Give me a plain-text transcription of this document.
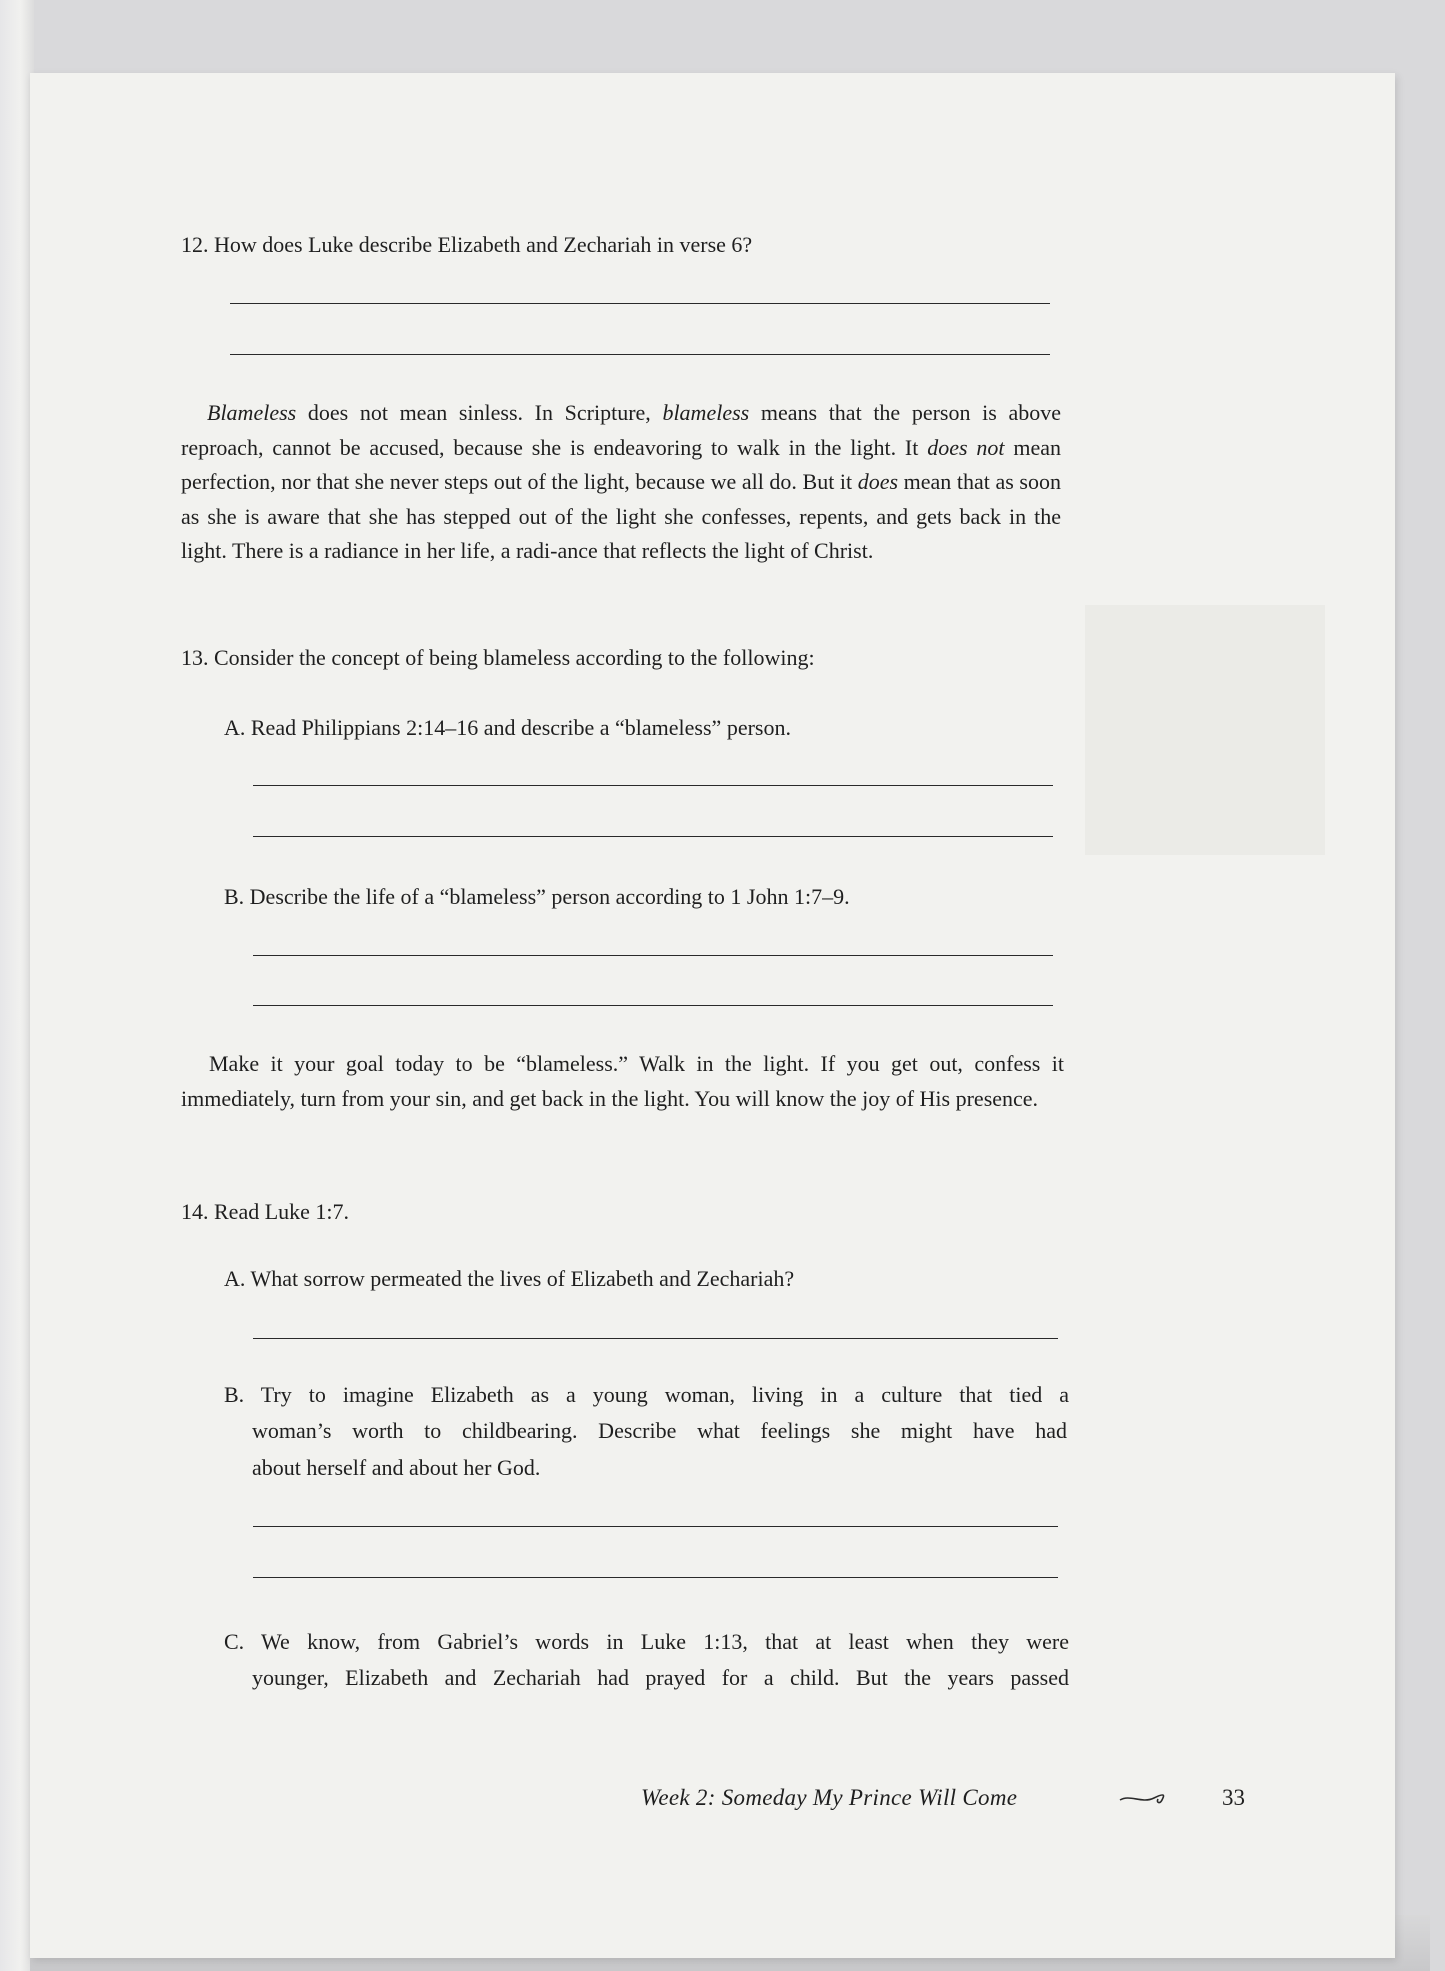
12. How does Luke describe Elizabeth and Zechariah in verse 6?
Blameless does not mean sinless. In Scripture, blameless means that the person is above reproach, cannot be accused, because she is endeavoring to walk in the light. It does not mean perfection, nor that she never steps out of the light, because we all do. But it does mean that as soon as she is aware that she has stepped out of the light she confesses, repents, and gets back in the light. There is a radiance in her life, a radi-ance that reflects the light of Christ.
13. Consider the concept of being blameless according to the following:
A. Read Philippians 2:14–16 and describe a “blameless” person.
B. Describe the life of a “blameless” person according to 1 John 1:7–9.
Make it your goal today to be “blameless.” Walk in the light. If you get out, confess it immediately, turn from your sin, and get back in the light. You will know the joy of His presence.
14. Read Luke 1:7.
A. What sorrow permeated the lives of Elizabeth and Zechariah?
B. Try to imagine Elizabeth as a young woman, living in a culture that tied a
woman’s worth to childbearing. Describe what feelings she might have had
about herself and about her God.
C. We know, from Gabriel’s words in Luke 1:13, that at least when they were
younger, Elizabeth and Zechariah had prayed for a child. But the years passed
Week 2: Someday My Prince Will Come	33
